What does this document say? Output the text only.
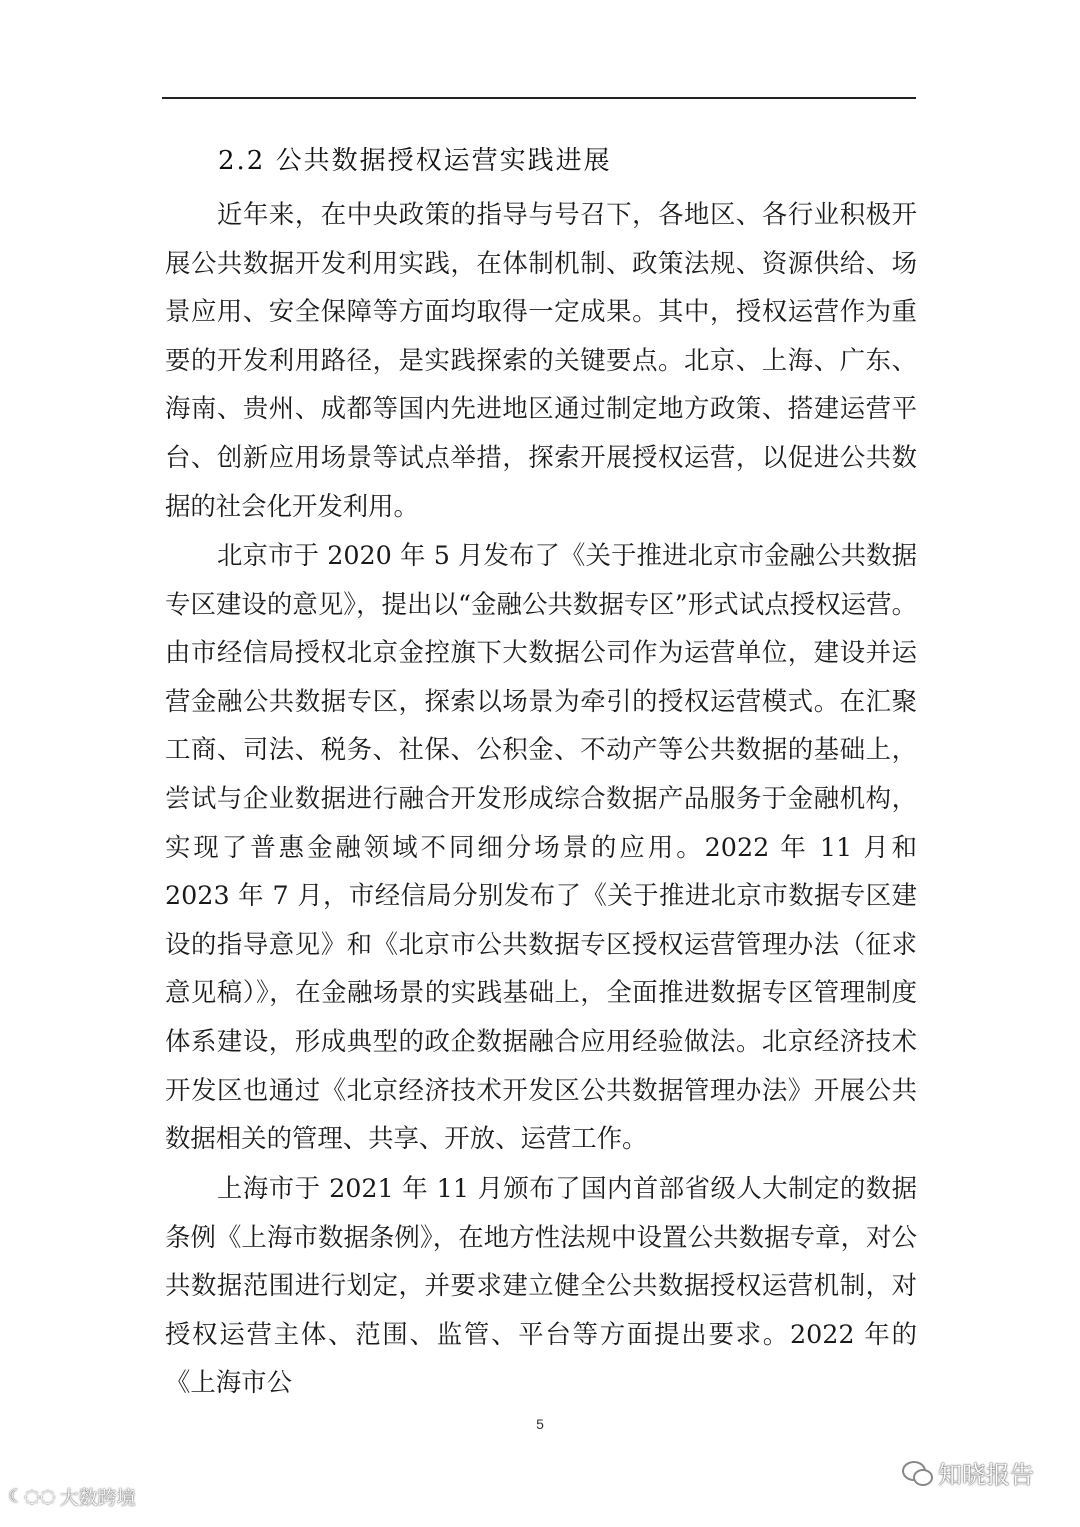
2.2 公共数据授权运营实践进展

近年来，在中央政策的指导与号召下，各地区、各行业积极开展公共数据开发利用实践，在体制机制、政策法规、资源供给、场景应用、安全保障等方面均取得一定成果。其中，授权运营作为重要的开发利用路径，是实践探索的关键要点。北京、上海、广东、海南、贵州、成都等国内先进地区通过制定地方政策、搭建运营平台、创新应用场景等试点举措，探索开展授权运营，以促进公共数据的社会化开发利用。

北京市于 2020 年 5 月发布了《关于推进北京市金融公共数据专区建设的意见》，提出以“金融公共数据专区”形式试点授权运营。由市经信局授权北京金控旗下大数据公司作为运营单位，建设并运营金融公共数据专区，探索以场景为牵引的授权运营模式。在汇聚工商、司法、税务、社保、公积金、不动产等公共数据的基础上，尝试与企业数据进行融合开发形成综合数据产品服务于金融机构，实现了普惠金融领域不同细分场景的应用。2022 年 11 月和 2023 年 7 月，市经信局分别发布了《关于推进北京市数据专区建设的指导意见》和《北京市公共数据专区授权运营管理办法（征求意见稿）》，在金融场景的实践基础上，全面推进数据专区管理制度体系建设，形成典型的政企数据融合应用经验做法。北京经济技术开发区也通过《北京经济技术开发区公共数据管理办法》开展公共数据相关的管理、共享、开放、运营工作。

上海市于 2021 年 11 月颁布了国内首部省级人大制定的数据条例《上海市数据条例》，在地方性法规中设置公共数据专章，对公共数据范围进行划定，并要求建立健全公共数据授权运营机制，对授权运营主体、范围、监管、平台等方面提出要求。2022 年的《上海市公

5
☾◌◌ 大数跨境
知晓报告
